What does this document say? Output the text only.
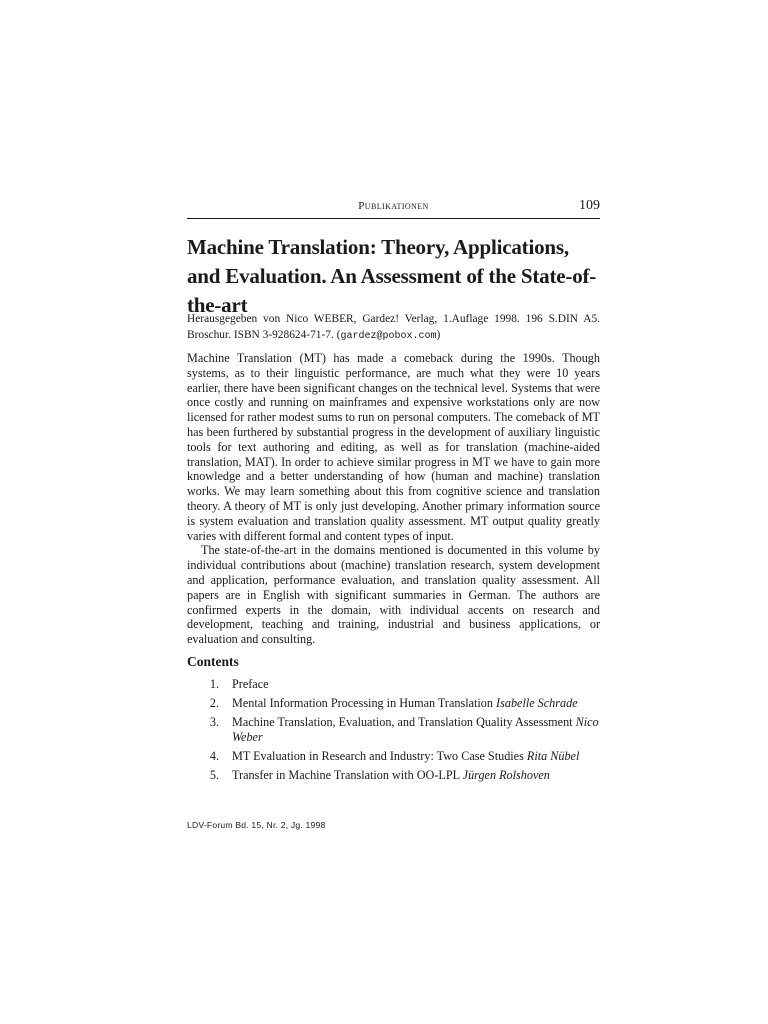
Publikationen	109
Machine Translation: Theory, Applications, and Evaluation. An Assessment of the State-of-the-art

Herausgegeben von Nico WEBER, Gardez! Verlag, 1.Auflage 1998. 196 S.DIN A5. Broschur. ISBN 3-928624-71-7. (gardez@pobox.com)

Machine Translation (MT) has made a comeback during the 1990s. Though systems, as to their linguistic performance, are much what they were 10 years earlier, there have been significant changes on the technical level. Systems that were once costly and running on mainframes and expensive workstations only are now licensed for rather modest sums to run on personal computers. The comeback of MT has been furthered by substantial progress in the development of auxiliary linguistic tools for text authoring and editing, as well as for translation (machine-aided translation, MAT). In order to achieve similar progress in MT we have to gain more knowledge and a better understanding of how (human and machine) translation works. We may learn something about this from cognitive science and translation theory. A theory of MT is only just developing. Another primary information source is system evaluation and translation quality assessment. MT output quality greatly varies with different formal and content types of input.

The state-of-the-art in the domains mentioned is documented in this volume by individual contributions about (machine) translation research, system development and application, performance evaluation, and translation quality assessment. All papers are in English with significant summaries in German. The authors are confirmed experts in the domain, with individual accents on research and development, teaching and training, industrial and business applications, or evaluation and consulting.

Contents
1. Preface
2. Mental Information Processing in Human Translation Isabelle Schrade
3. Machine Translation, Evaluation, and Translation Quality Assessment Nico Weber
4. MT Evaluation in Research and Industry: Two Case Studies Rita Nübel
5. Transfer in Machine Translation with OO-LPL Jürgen Rolshoven
LDV-Forum Bd. 15, Nr. 2, Jg. 1998
